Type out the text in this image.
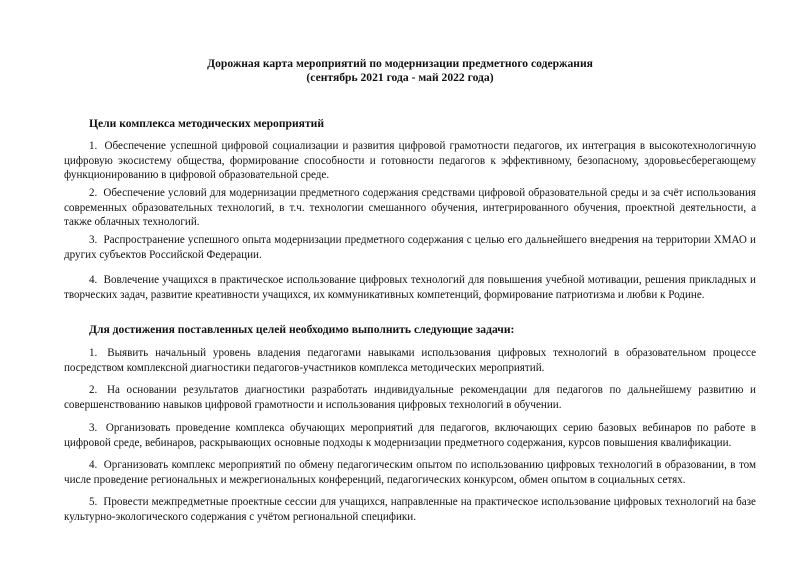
Дорожная карта мероприятий по модернизации предметного содержания
(сентябрь 2021 года - май 2022 года)
Цели комплекса методических мероприятий
1. Обеспечение успешной цифровой социализации и развития цифровой грамотности педагогов, их интеграция в высокотехнологичную цифровую экосистему общества, формирование способности и готовности педагогов к эффективному, безопасному, здоровьесберегающему функционированию в цифровой образовательной среде.
2. Обеспечение условий для модернизации предметного содержания средствами цифровой образовательной среды и за счёт использования современных образовательных технологий, в т.ч. технологии смешанного обучения, интегрированного обучения, проектной деятельности, а также облачных технологий.
3. Распространение успешного опыта модернизации предметного содержания с целью его дальнейшего внедрения на территории ХМАО и других субъектов Российской Федерации.
4. Вовлечение учащихся в практическое использование цифровых технологий для повышения учебной мотивации, решения прикладных и творческих задач, развитие креативности учащихся, их коммуникативных компетенций, формирование патриотизма и любви к Родине.
Для достижения поставленных целей необходимо выполнить следующие задачи:
1. Выявить начальный уровень владения педагогами навыками использования цифровых технологий в образовательном процессе посредством комплексной диагностики педагогов-участников комплекса методических мероприятий.
2. На основании результатов диагностики разработать индивидуальные рекомендации для педагогов по дальнейшему развитию и совершенствованию навыков цифровой грамотности и использования цифровых технологий в обучении.
3. Организовать проведение комплекса обучающих мероприятий для педагогов, включающих серию базовых вебинаров по работе в цифровой среде, вебинаров, раскрывающих основные подходы к модернизации предметного содержания, курсов повышения квалификации.
4. Организовать комплекс мероприятий по обмену педагогическим опытом по использованию цифровых технологий в образовании, в том числе проведение региональных и межрегиональных конференций, педагогических конкурсом, обмен опытом в социальных сетях.
5. Провести межпредметные проектные сессии для учащихся, направленные на практическое использование цифровых технологий на базе культурно-экологического содержания с учётом региональной специфики.
